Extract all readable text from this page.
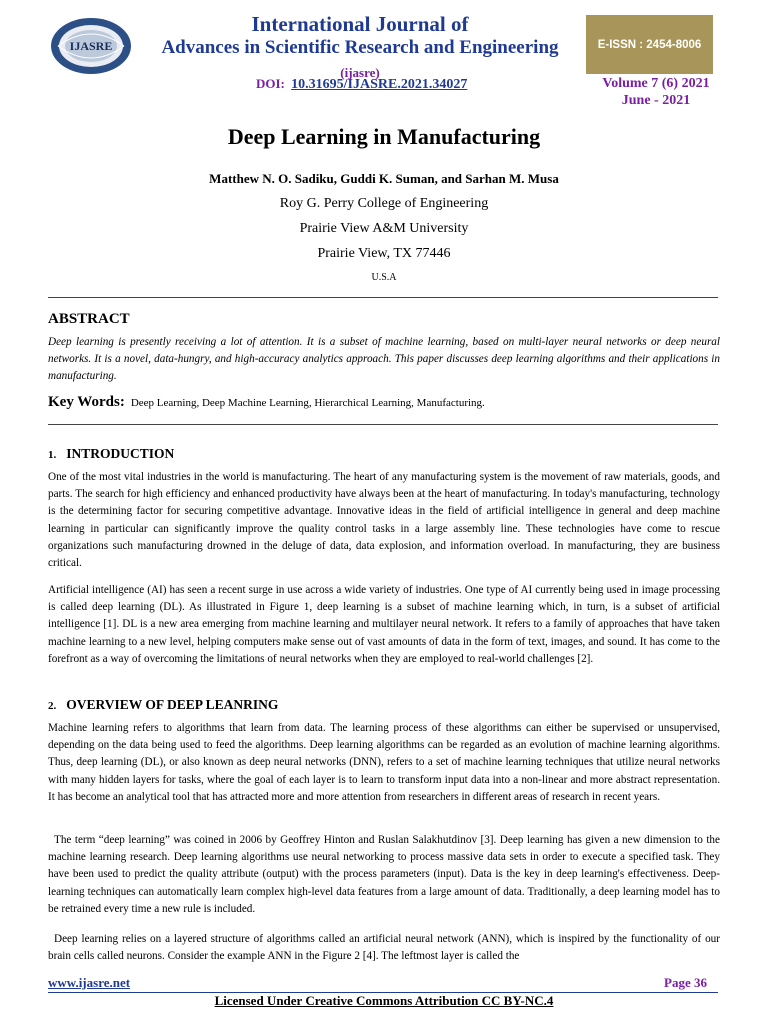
IJASRE
International Journal of
Advances in Scientific Research and Engineering (ijasre)
E-ISSN : 2454-8006
DOI: 10.31695/IJASRE.2021.34027	Volume 7 (6) 2021
June - 2021
Deep Learning in Manufacturing
Matthew N. O. Sadiku, Guddi K. Suman, and Sarhan M. Musa
Roy G. Perry College of Engineering
Prairie View A&M University
Prairie View, TX 77446
U.S.A
ABSTRACT
Deep learning is presently receiving a lot of attention. It is a subset of machine learning, based on multi-layer neural networks or deep neural networks. It is a novel, data-hungry, and high-accuracy analytics approach. This paper discusses deep learning algorithms and their applications in manufacturing.
Key Words: Deep Learning, Deep Machine Learning, Hierarchical Learning, Manufacturing.
1. INTRODUCTION
One of the most vital industries in the world is manufacturing. The heart of any manufacturing system is the movement of raw materials, goods, and parts. The search for high efficiency and enhanced productivity have always been at the heart of manufacturing. In today's manufacturing, technology is the determining factor for securing competitive advantage. Innovative ideas in the field of artificial intelligence in general and deep machine learning in particular can significantly improve the quality control tasks in a large assembly line. These technologies have come to rescue organizations such manufacturing drowned in the deluge of data, data explosion, and information overload. In manufacturing, they are business critical.
Artificial intelligence (AI) has seen a recent surge in use across a wide variety of industries. One type of AI currently being used in image processing is called deep learning (DL). As illustrated in Figure 1, deep learning is a subset of machine learning which, in turn, is a subset of artificial intelligence [1]. DL is a new area emerging from machine learning and multilayer neural network. It refers to a family of approaches that have taken machine learning to a new level, helping computers make sense out of vast amounts of data in the form of text, images, and sound. It has come to the forefront as a way of overcoming the limitations of neural networks when they are employed to real-world challenges [2].
2. OVERVIEW OF DEEP LEANRING
Machine learning refers to algorithms that learn from data. The learning process of these algorithms can either be supervised or unsupervised, depending on the data being used to feed the algorithms. Deep learning algorithms can be regarded as an evolution of machine learning algorithms. Thus, deep learning (DL), or also known as deep neural networks (DNN), refers to a set of machine learning techniques that utilize neural networks with many hidden layers for tasks, where the goal of each layer is to learn to transform input data into a non-linear and more abstract representation. It has become an analytical tool that has attracted more and more attention from researchers in different areas of research in recent years.
The term “deep learning” was coined in 2006 by Geoffrey Hinton and Ruslan Salakhutdinov [3]. Deep learning has given a new dimension to the machine learning research. Deep learning algorithms use neural networking to process massive data sets in order to execute a specified task. They have been used to predict the quality attribute (output) with the process parameters (input). Data is the key in deep learning's effectiveness. Deep-learning techniques can automatically learn complex high-level data features from a large amount of data. Traditionally, a deep learning model has to be retrained every time a new rule is included.
Deep learning relies on a layered structure of algorithms called an artificial neural network (ANN), which is inspired by the functionality of our brain cells called neurons. Consider the example ANN in the Figure 2 [4]. The leftmost layer is called the
www.ijasre.net	Page 36
Licensed Under Creative Commons Attribution CC BY-NC.4
